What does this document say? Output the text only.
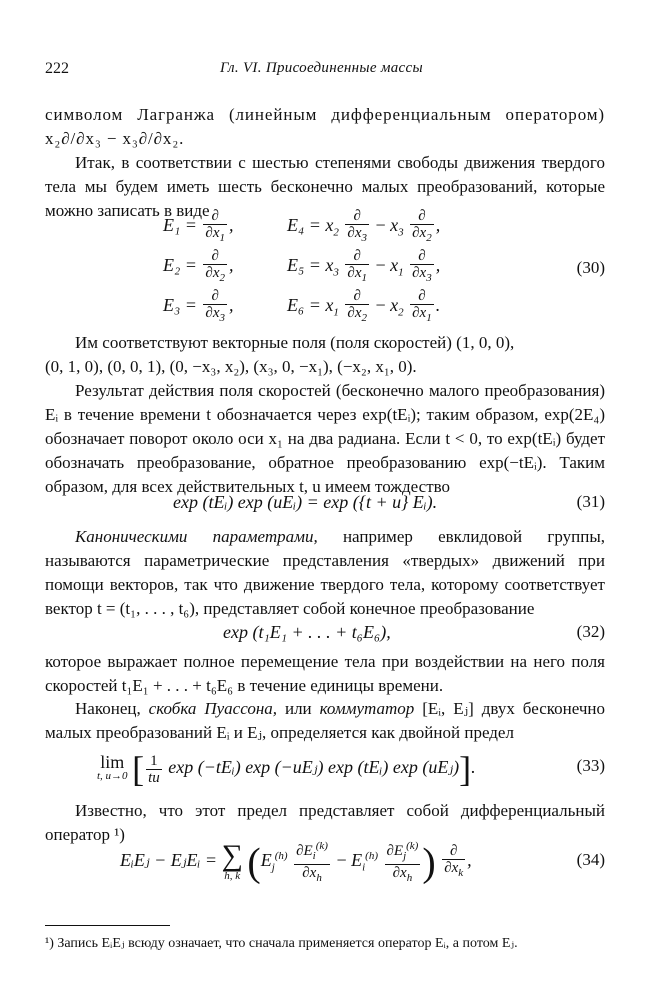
222	Гл. VI. Присоединенные массы

символом Лагранжа (линейным дифференциальным оператором) x₂∂/∂x₃ − x₃∂/∂x₂.

Итак, в соответствии с шестью степенями свободы движения твердого тела мы будем иметь шесть бесконечно малых преобразований, которые можно записать в виде

$E_1 = \frac{\partial}{\partial x_1}$ ,	$E_4 = x_2 \frac{\partial}{\partial x_3} - x_3 \frac{\partial}{\partial x_2}$ ,
$E_2 = \frac{\partial}{\partial x_2}$ ,	$E_5 = x_3 \frac{\partial}{\partial x_1} - x_1 \frac{\partial}{\partial x_3}$ ,	(30)
$E_3 = \frac{\partial}{\partial x_3}$ ,	$E_6 = x_1 \frac{\partial}{\partial x_2} - x_2 \frac{\partial}{\partial x_1}$ .

Им соответствуют векторные поля (поля скоростей) (1, 0, 0),

(0, 1, 0), (0, 0, 1), (0, −x₃, x₂), (x₃, 0, −x₁), (−x₂, x₁, 0).

Результат действия поля скоростей (бесконечно малого преобразования) Eᵢ в течение времени t обозначается через exp(tEᵢ); таким образом, exp(2E₄) обозначает поворот около оси x₁ на два радиана. Если t < 0, то exp(tEᵢ) будет обозначать преобразование, обратное преобразованию exp(−tEᵢ). Таким образом, для всех действительных t, u имеем тождество

exp (tEᵢ) exp (uEᵢ) = exp ({t + u} Eᵢ).	(31)

Каноническими параметрами, например евклидовой группы, называются параметрические представления «твердых» движений при помощи векторов, так что движение твердого тела, которому соответствует вектор t = (t₁, . . . , t₆), представляет собой конечное преобразование

exp (t₁E₁ + . . . + t₆E₆),	(32)

которое выражает полное перемещение тела при воздействии на него поля скоростей t₁E₁ + . . . + t₆E₆ в течение единицы времени.

Наконец, скобка Пуассона, или коммутатор [Eᵢ, Eⱼ] двух бесконечно малых преобразований Eᵢ и Eⱼ, определяется как двойной предел

lim
t, u→0 [ $\frac{1}{tu}$ exp (−tEᵢ) exp (−uEⱼ) exp (tEᵢ) exp (uEⱼ)].	(33)

Известно, что этот предел представляет собой дифференциальный оператор ¹)

EᵢEⱼ − EⱼEᵢ = ∑
h, k ($E_j^{(h)} \frac{\partial E_i^{(k)}}{\partial x_h} - E_i^{(h)} \frac{\partial E_j^{(k)}}{\partial x_h}$ ) $\frac{\partial}{\partial x_k}$ ,	(34)

¹) Запись EᵢEⱼ всюду означает, что сначала применяется оператор Eᵢ, а потом Eⱼ.
